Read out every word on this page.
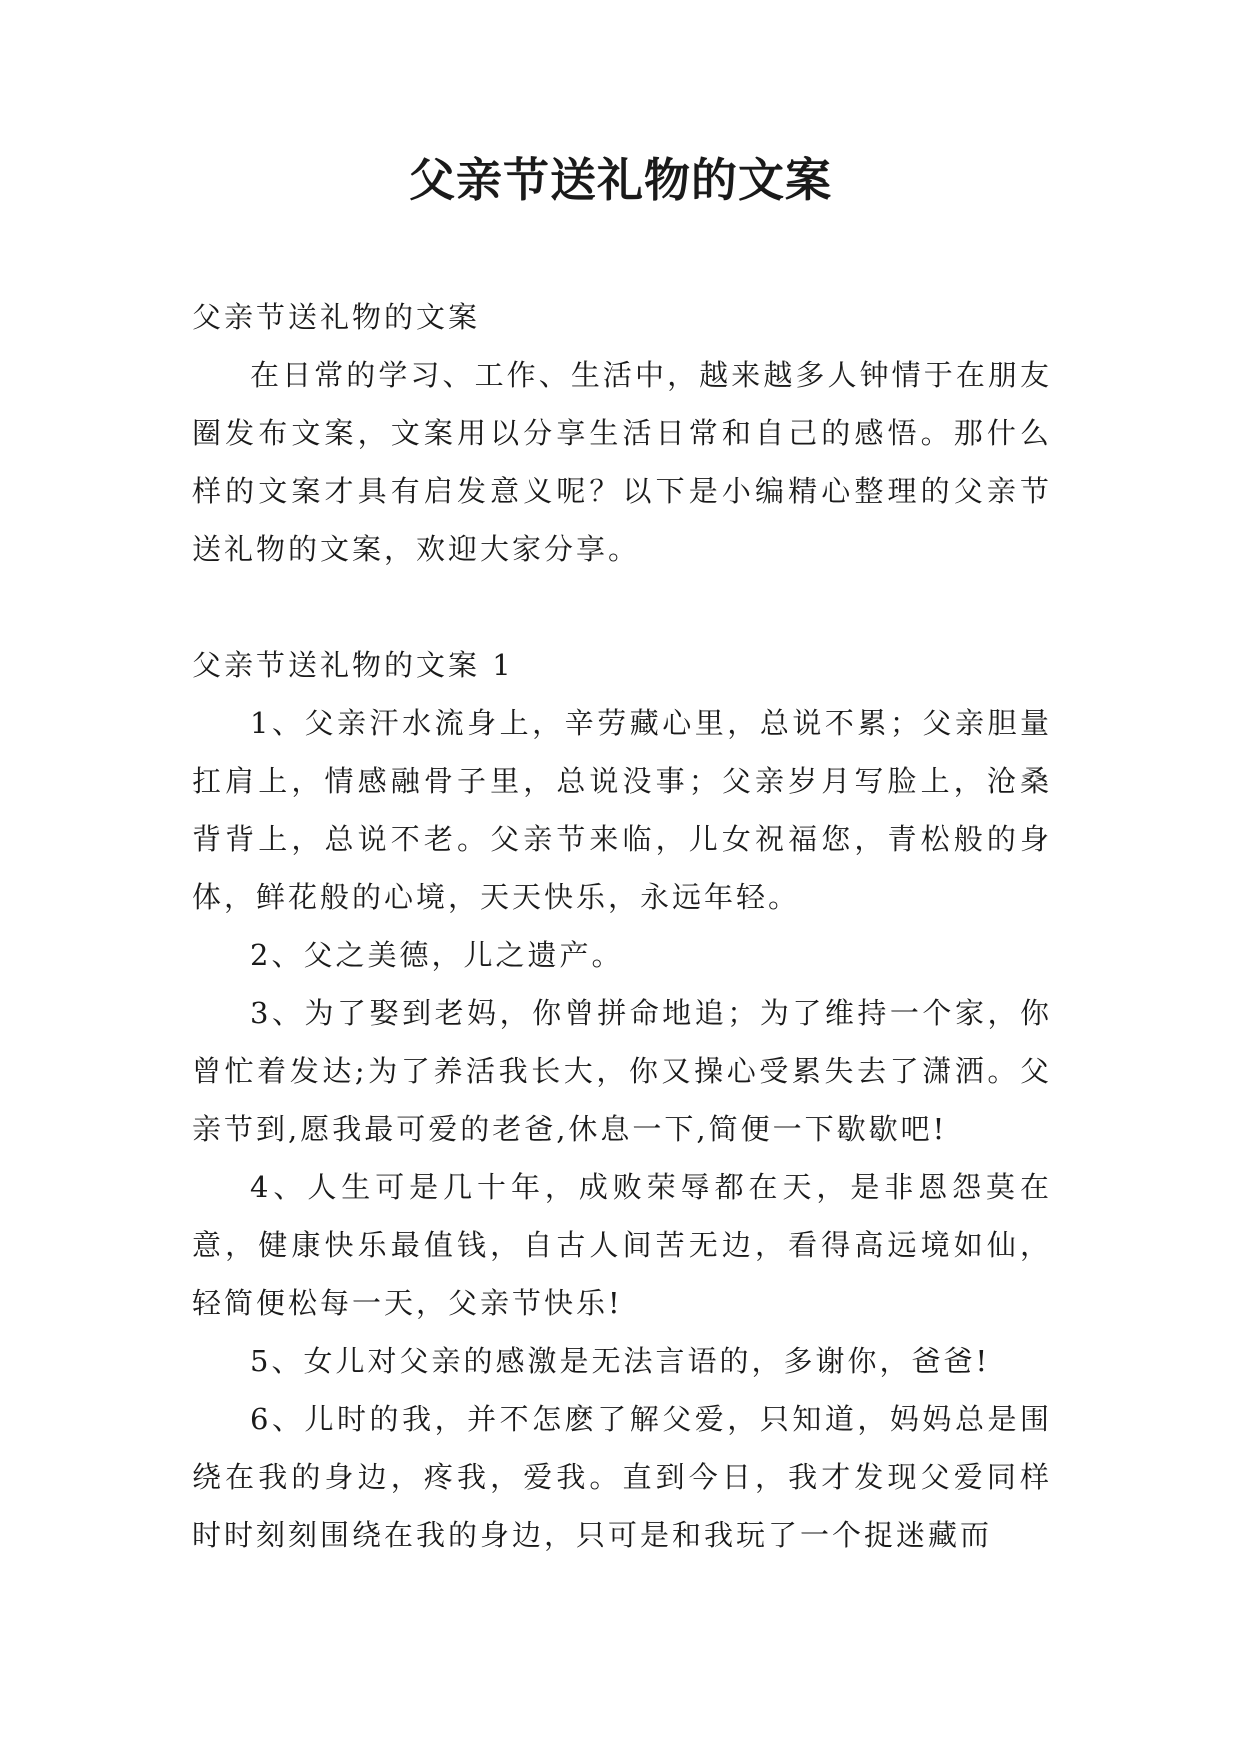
父亲节送礼物的文案

父亲节送礼物的文案

在日常的学习、工作、生活中，越来越多人钟情于在朋友圈发布文案，文案用以分享生活日常和自己的感悟。那什么样的文案才具有启发意义呢？以下是小编精心整理的父亲节送礼物的文案，欢迎大家分享。

父亲节送礼物的文案 1

1、父亲汗水流身上，辛劳藏心里，总说不累；父亲胆量扛肩上，情感融骨子里，总说没事；父亲岁月写脸上，沧桑背背上，总说不老。父亲节来临，儿女祝福您，青松般的身体，鲜花般的心境，天天快乐，永远年轻。

2、父之美德，儿之遗产。

3、为了娶到老妈，你曾拼命地追；为了维持一个家，你曾忙着发达;为了养活我长大，你又操心受累失去了潇洒。父亲节到,愿我最可爱的老爸,休息一下,简便一下歇歇吧!

4、人生可是几十年，成败荣辱都在天，是非恩怨莫在意，健康快乐最值钱，自古人间苦无边，看得高远境如仙，轻简便松每一天，父亲节快乐!

5、女儿对父亲的感激是无法言语的，多谢你，爸爸!

6、儿时的我，并不怎麽了解父爱，只知道，妈妈总是围绕在我的身边，疼我，爱我。直到今日，我才发现父爱同样时时刻刻围绕在我的身边，只可是和我玩了一个捉迷藏而
